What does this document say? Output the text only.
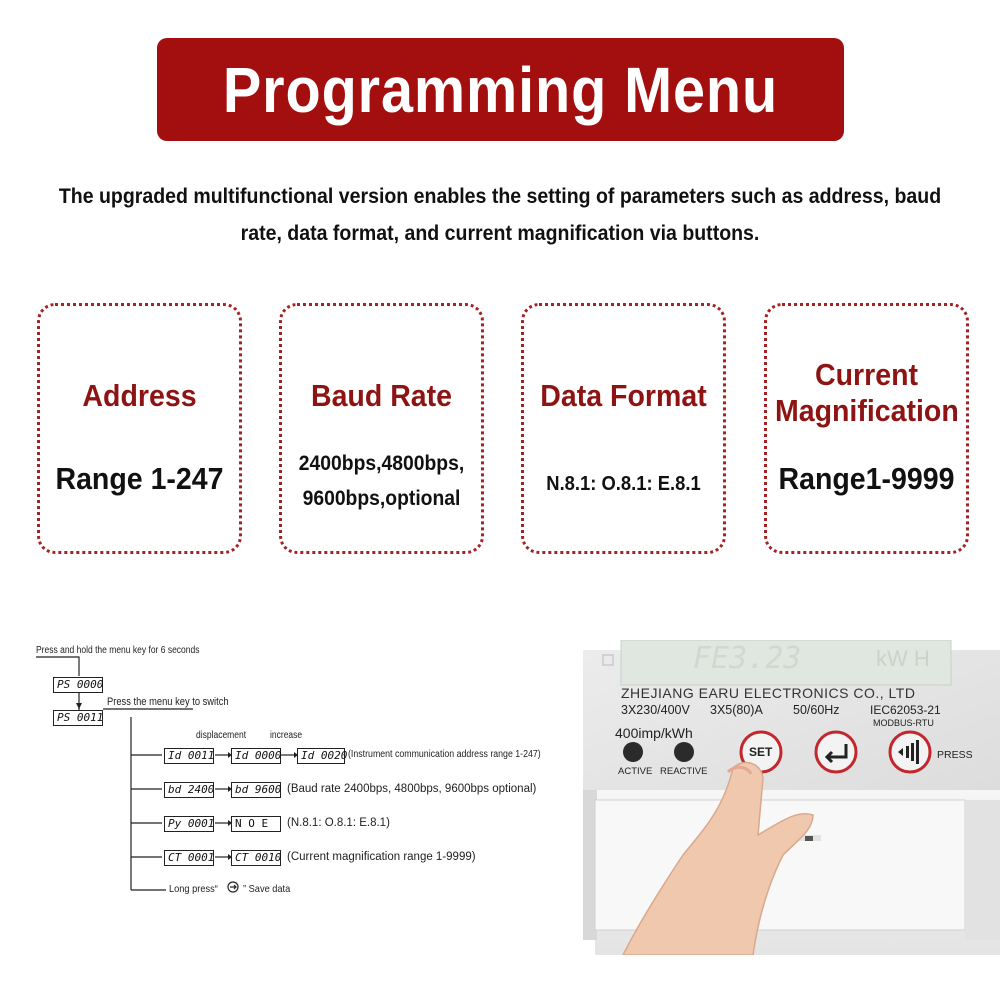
Programming Menu
The upgraded multifunctional version enables the setting of parameters such as address, baud rate, data format, and current magnification via buttons.
Address
Range 1-247
Baud Rate
2400bps,4800bps,
9600bps,optional
Data Format
N.8.1: O.8.1: E.8.1
Current
Magnification
Range1-9999
Press and hold the menu key for 6 seconds
PS 0000
Press the menu key to switch
PS 0011
displacement increase
Id 0011	Id 0000	Id 0020 (Instrument communication address range 1-247)
bd 2400	bd 9600 (Baud rate 2400bps, 4800bps, 9600bps optional)
Py 0001	N O E	(N.8.1: O.8.1: E.8.1)
CT 0001	CT 0010 (Current magnification range 1-9999)
Long press“ ” Save data
FE3.23	kW H
ZHEJIANG EARU ELECTRONICS CO., LTD
3X230/400V 3X5(80)A 50/60Hz	IEC62053-21
MODBUS-RTU
400imp/kWh
ACTIVE REACTIVE
SET	PRESS
